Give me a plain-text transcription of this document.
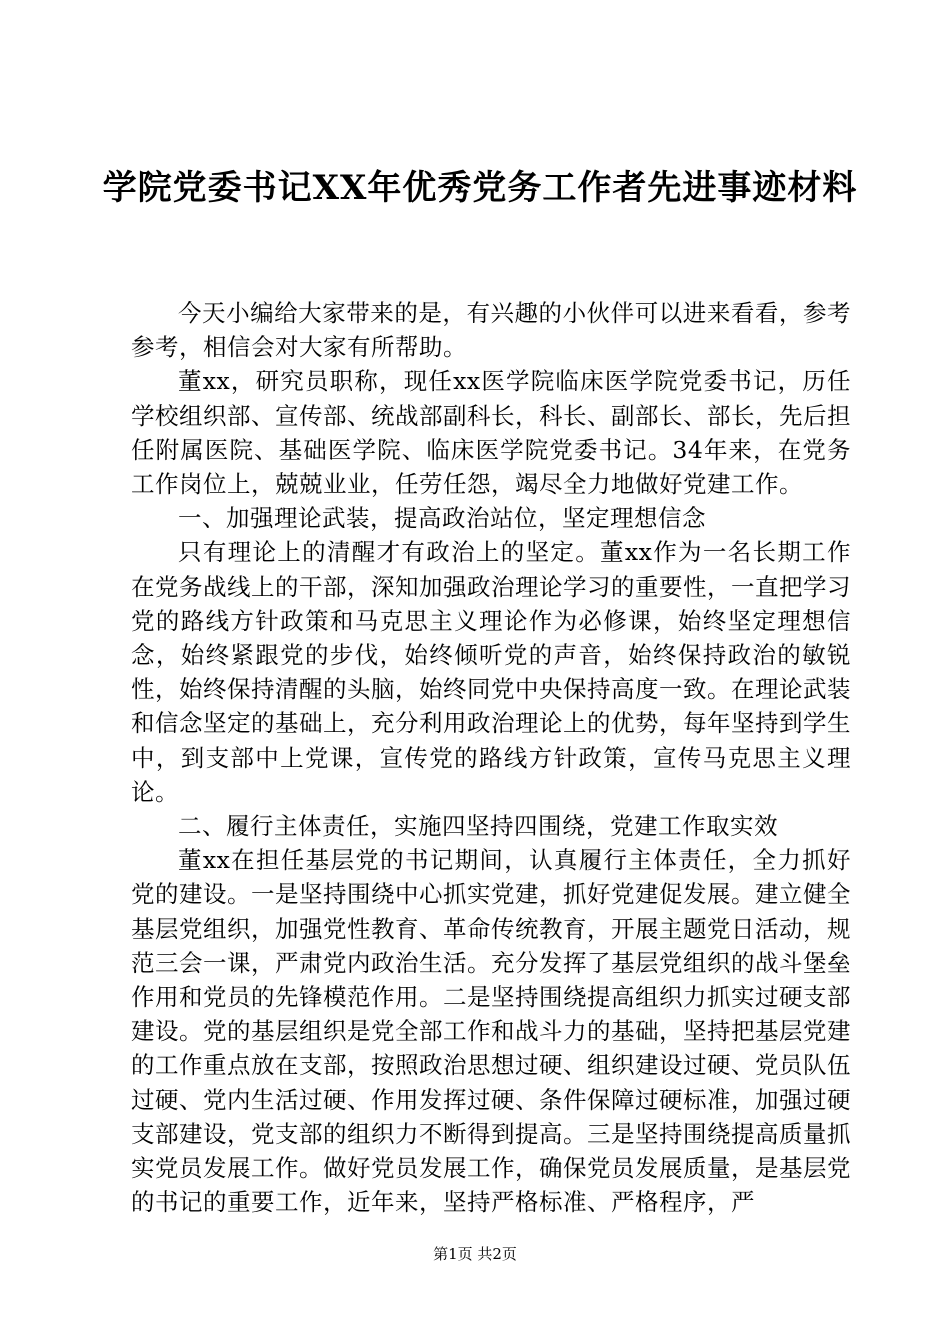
学院党委书记XX年优秀党务工作者先进事迹材料

今天小编给大家带来的是，有兴趣的小伙伴可以进来看看，参考参考，相信会对大家有所帮助。

董xx，研究员职称，现任xx医学院临床医学院党委书记，历任学校组织部、宣传部、统战部副科长，科长、副部长、部长，先后担任附属医院、基础医学院、临床医学院党委书记。34年来，在党务工作岗位上，兢兢业业，任劳任怨，竭尽全力地做好党建工作。

一、加强理论武装，提高政治站位，坚定理想信念

只有理论上的清醒才有政治上的坚定。董xx作为一名长期工作在党务战线上的干部，深知加强政治理论学习的重要性，一直把学习党的路线方针政策和马克思主义理论作为必修课，始终坚定理想信念，始终紧跟党的步伐，始终倾听党的声音，始终保持政治的敏锐性，始终保持清醒的头脑，始终同党中央保持高度一致。在理论武装和信念坚定的基础上，充分利用政治理论上的优势，每年坚持到学生中，到支部中上党课，宣传党的路线方针政策，宣传马克思主义理论。

二、履行主体责任，实施四坚持四围绕，党建工作取实效

董xx在担任基层党的书记期间，认真履行主体责任，全力抓好党的建设。一是坚持围绕中心抓实党建，抓好党建促发展。建立健全基层党组织，加强党性教育、革命传统教育，开展主题党日活动，规范三会一课，严肃党内政治生活。充分发挥了基层党组织的战斗堡垒作用和党员的先锋模范作用。二是坚持围绕提高组织力抓实过硬支部建设。党的基层组织是党全部工作和战斗力的基础，坚持把基层党建的工作重点放在支部，按照政治思想过硬、组织建设过硬、党员队伍过硬、党内生活过硬、作用发挥过硬、条件保障过硬标准，加强过硬支部建设，党支部的组织力不断得到提高。三是坚持围绕提高质量抓实党员发展工作。做好党员发展工作，确保党员发展质量，是基层党的书记的重要工作，近年来，坚持严格标准、严格程序，严

第1页 共2页
